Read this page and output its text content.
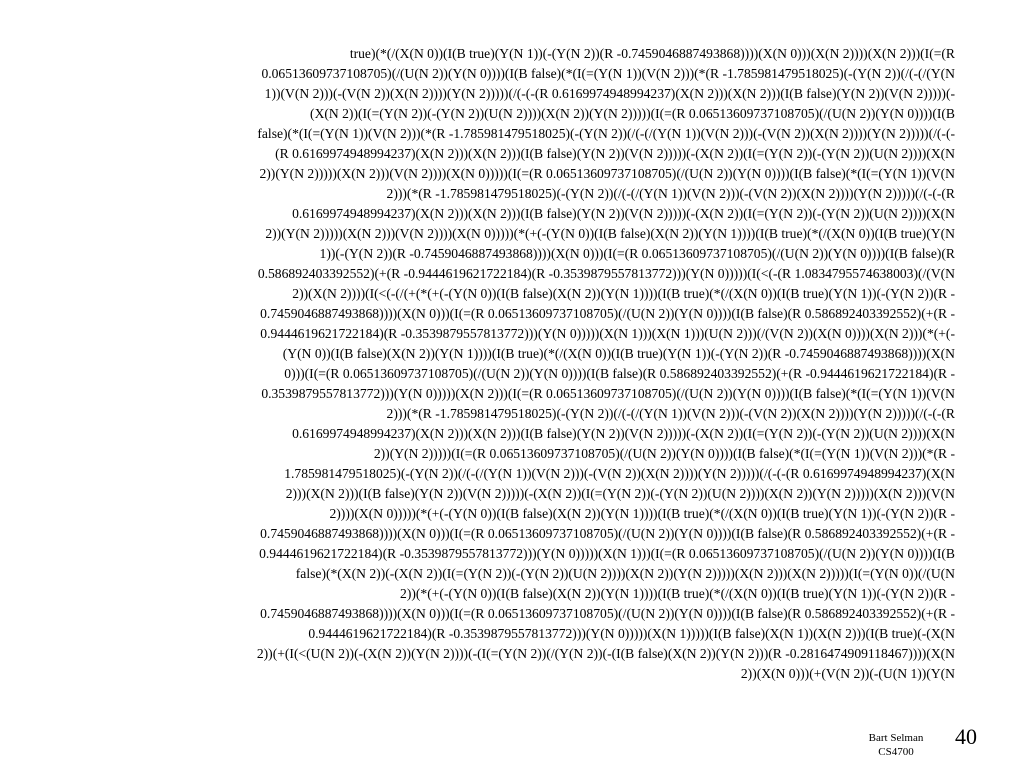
true)(*(/(X(N 0))(I(B true)(Y(N 1))(-(Y(N 2))(R -0.7459046887493868))))(X(N 0)))(X(N 2))))(X(N 2)))(I(=(R
0.06513609737108705)(/(U(N 2))(Y(N 0))))(I(B false)(*(I(=(Y(N 1))(V(N 2)))(*(R -1.785981479518025)(-(Y(N 2))(/(-(/(Y(N
1))(V(N 2)))(-(V(N 2))(X(N 2))))(Y(N 2)))))(/(-(-(R 0.6169974948994237)(X(N 2)))(X(N 2)))(I(B false)(Y(N 2))(V(N 2)))))(-
(X(N 2))(I(=(Y(N 2))(-(Y(N 2))(U(N 2))))(X(N 2))(Y(N 2)))))(I(=(R 0.06513609737108705)(/(U(N 2))(Y(N 0))))(I(B
false)(*(I(=(Y(N 1))(V(N 2)))(*(R -1.785981479518025)(-(Y(N 2))(/(-(/(Y(N 1))(V(N 2)))(-(V(N 2))(X(N 2))))(Y(N 2)))))(/(-(-
(R 0.6169974948994237)(X(N 2)))(X(N 2)))(I(B false)(Y(N 2))(V(N 2)))))(-(X(N 2))(I(=(Y(N 2))(-(Y(N 2))(U(N 2))))(X(N
2))(Y(N 2)))))(X(N 2)))(V(N 2))))(X(N 0)))))(I(=(R 0.06513609737108705)(/(U(N 2))(Y(N 0))))(I(B false)(*(I(=(Y(N 1))(V(N
2)))(*(R -1.785981479518025)(-(Y(N 2))(/(-(/(Y(N 1))(V(N 2)))(-(V(N 2))(X(N 2))))(Y(N 2)))))(/(-(-(R
0.6169974948994237)(X(N 2)))(X(N 2)))(I(B false)(Y(N 2))(V(N 2)))))(-(X(N 2))(I(=(Y(N 2))(-(Y(N 2))(U(N 2))))(X(N
2))(Y(N 2)))))(X(N 2)))(V(N 2))))(X(N 0)))))(*(+(-(Y(N 0))(I(B false)(X(N 2))(Y(N 1))))(I(B true)(*(/(X(N 0))(I(B true)(Y(N
1))(-(Y(N 2))(R -0.7459046887493868))))(X(N 0)))(I(=(R 0.06513609737108705)(/(U(N 2))(Y(N 0))))(I(B false)(R
0.586892403392552)(+(R -0.9444619621722184)(R -0.3539879557813772)))(Y(N 0)))))(I(<(-(R 1.0834795574638003)(/(V(N
2))(X(N 2))))(I(<(-(/(+(*(+(-(Y(N 0))(I(B false)(X(N 2))(Y(N 1))))(I(B true)(*(/(X(N 0))(I(B true)(Y(N 1))(-(Y(N 2))(R -
0.7459046887493868))))(X(N 0)))(I(=(R 0.06513609737108705)(/(U(N 2))(Y(N 0))))(I(B false)(R 0.586892403392552)(+(R -
0.9444619621722184)(R -0.3539879557813772)))(Y(N 0)))))(X(N 1)))(X(N 1)))(U(N 2)))(/(V(N 2))(X(N 0))))(X(N 2)))(*(+(-
(Y(N 0))(I(B false)(X(N 2))(Y(N 1))))(I(B true)(*(/(X(N 0))(I(B true)(Y(N 1))(-(Y(N 2))(R -0.7459046887493868))))(X(N
0)))(I(=(R 0.06513609737108705)(/(U(N 2))(Y(N 0))))(I(B false)(R 0.586892403392552)(+(R -0.9444619621722184)(R -
0.3539879557813772)))(Y(N 0)))))(X(N 2)))(I(=(R 0.06513609737108705)(/(U(N 2))(Y(N 0))))(I(B false)(*(I(=(Y(N 1))(V(N
2)))(*(R -1.785981479518025)(-(Y(N 2))(/(-(/(Y(N 1))(V(N 2)))(-(V(N 2))(X(N 2))))(Y(N 2)))))(/(-(-(R
0.6169974948994237)(X(N 2)))(X(N 2)))(I(B false)(Y(N 2))(V(N 2)))))(-(X(N 2))(I(=(Y(N 2))(-(Y(N 2))(U(N 2))))(X(N
2))(Y(N 2)))))(I(=(R 0.06513609737108705)(/(U(N 2))(Y(N 0))))(I(B false)(*(I(=(Y(N 1))(V(N 2)))(*(R -
1.785981479518025)(-(Y(N 2))(/(-(/(Y(N 1))(V(N 2)))(-(V(N 2))(X(N 2))))(Y(N 2)))))(/(-(-(R 0.6169974948994237)(X(N
2)))(X(N 2)))(I(B false)(Y(N 2))(V(N 2)))))(-(X(N 2))(I(=(Y(N 2))(-(Y(N 2))(U(N 2))))(X(N 2))(Y(N 2)))))(X(N 2)))(V(N
2))))(X(N 0)))))(*(+(-(Y(N 0))(I(B false)(X(N 2))(Y(N 1))))(I(B true)(*(/(X(N 0))(I(B true)(Y(N 1))(-(Y(N 2))(R -
0.7459046887493868))))(X(N 0)))(I(=(R 0.06513609737108705)(/(U(N 2))(Y(N 0))))(I(B false)(R 0.586892403392552)(+(R -
0.9444619621722184)(R -0.3539879557813772)))(Y(N 0)))))(X(N 1)))(I(=(R 0.06513609737108705)(/(U(N 2))(Y(N 0))))(I(B
false)(*(X(N 2))(-(X(N 2))(I(=(Y(N 2))(-(Y(N 2))(U(N 2))))(X(N 2))(Y(N 2)))))(X(N 2)))(X(N 2)))))(I(=(Y(N 0))(/(U(N
2))(*(+(-(Y(N 0))(I(B false)(X(N 2))(Y(N 1))))(I(B true)(*(/(X(N 0))(I(B true)(Y(N 1))(-(Y(N 2))(R -
0.7459046887493868))))(X(N 0)))(I(=(R 0.06513609737108705)(/(U(N 2))(Y(N 0))))(I(B false)(R 0.586892403392552)(+(R -
0.9444619621722184)(R -0.3539879557813772)))(Y(N 0)))))(X(N 1)))))(I(B false)(X(N 1))(X(N 2)))(I(B true)(-(X(N
2))(+(I(<(U(N 2))(-(X(N 2))(Y(N 2))))(-(I(=(Y(N 2))(/(Y(N 2))(-(I(B false)(X(N 2))(Y(N 2)))(R -0.2816474909118467))))(X(N
2))(X(N 0)))(+(V(N 2))(-(U(N 1))(Y(N
Bart Selman
CS4700
40
